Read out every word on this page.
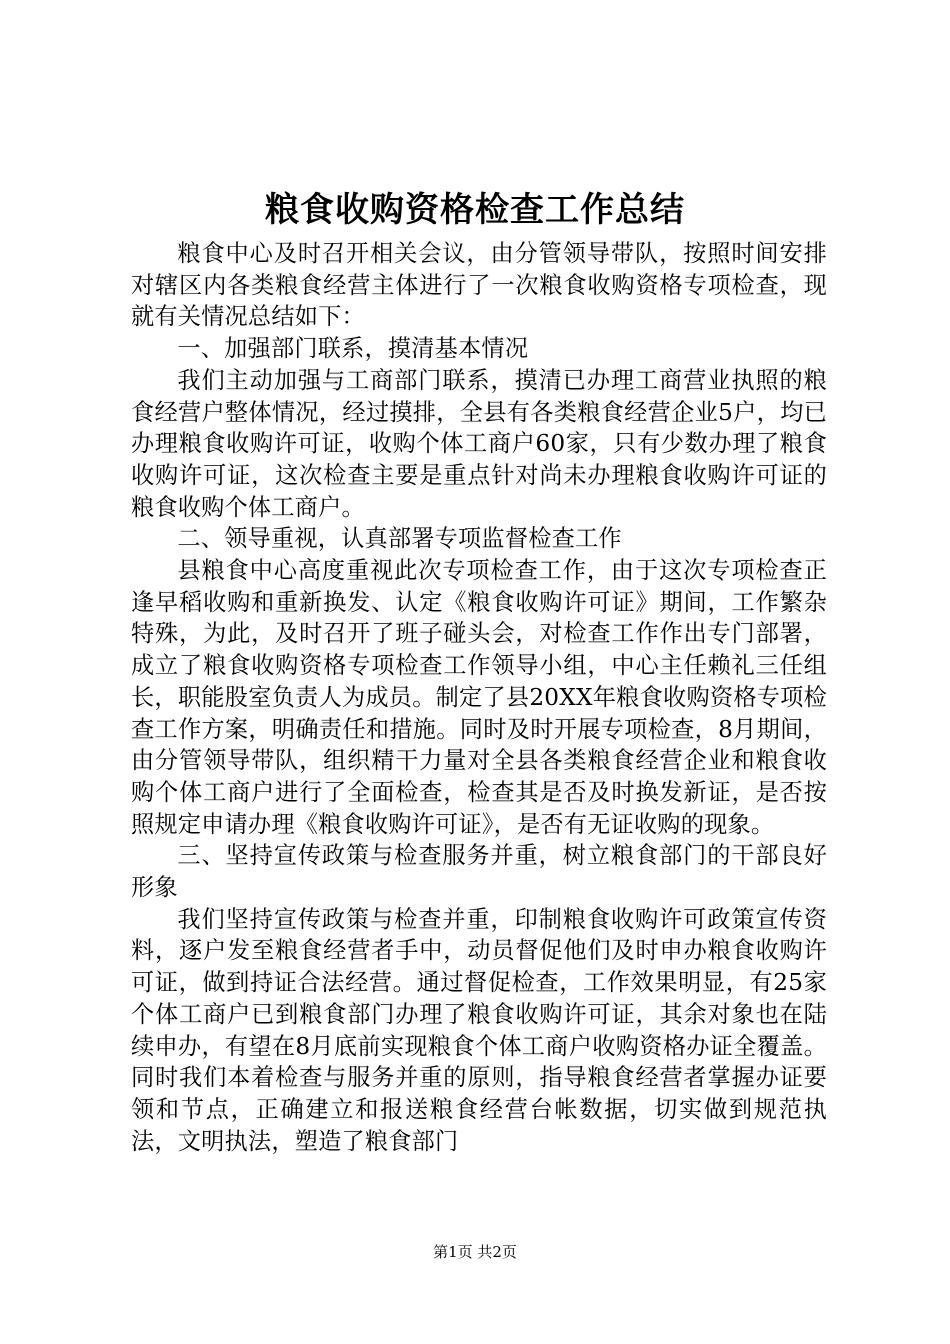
粮食收购资格检查工作总结

粮食中心及时召开相关会议，由分管领导带队，按照时间安排对辖区内各类粮食经营主体进行了一次粮食收购资格专项检查，现就有关情况总结如下：

一、加强部门联系，摸清基本情况

我们主动加强与工商部门联系，摸清已办理工商营业执照的粮食经营户整体情况，经过摸排，全县有各类粮食经营企业5户，均已办理粮食收购许可证，收购个体工商户60家，只有少数办理了粮食收购许可证，这次检查主要是重点针对尚未办理粮食收购许可证的粮食收购个体工商户。

二、领导重视，认真部署专项监督检查工作

县粮食中心高度重视此次专项检查工作，由于这次专项检查正逢早稻收购和重新换发、认定《粮食收购许可证》期间，工作繁杂特殊，为此，及时召开了班子碰头会，对检查工作作出专门部署，成立了粮食收购资格专项检查工作领导小组，中心主任赖礼三任组长，职能股室负责人为成员。制定了县20XX年粮食收购资格专项检查工作方案，明确责任和措施。同时及时开展专项检查，8月期间，由分管领导带队，组织精干力量对全县各类粮食经营企业和粮食收购个体工商户进行了全面检查，检查其是否及时换发新证，是否按照规定申请办理《粮食收购许可证》，是否有无证收购的现象。

三、坚持宣传政策与检查服务并重，树立粮食部门的干部良好形象

我们坚持宣传政策与检查并重，印制粮食收购许可政策宣传资料，逐户发至粮食经营者手中，动员督促他们及时申办粮食收购许可证，做到持证合法经营。通过督促检查，工作效果明显，有25家个体工商户已到粮食部门办理了粮食收购许可证，其余对象也在陆续申办，有望在8月底前实现粮食个体工商户收购资格办证全覆盖。同时我们本着检查与服务并重的原则，指导粮食经营者掌握办证要领和节点，正确建立和报送粮食经营台帐数据，切实做到规范执法，文明执法，塑造了粮食部门

第1页 共2页
